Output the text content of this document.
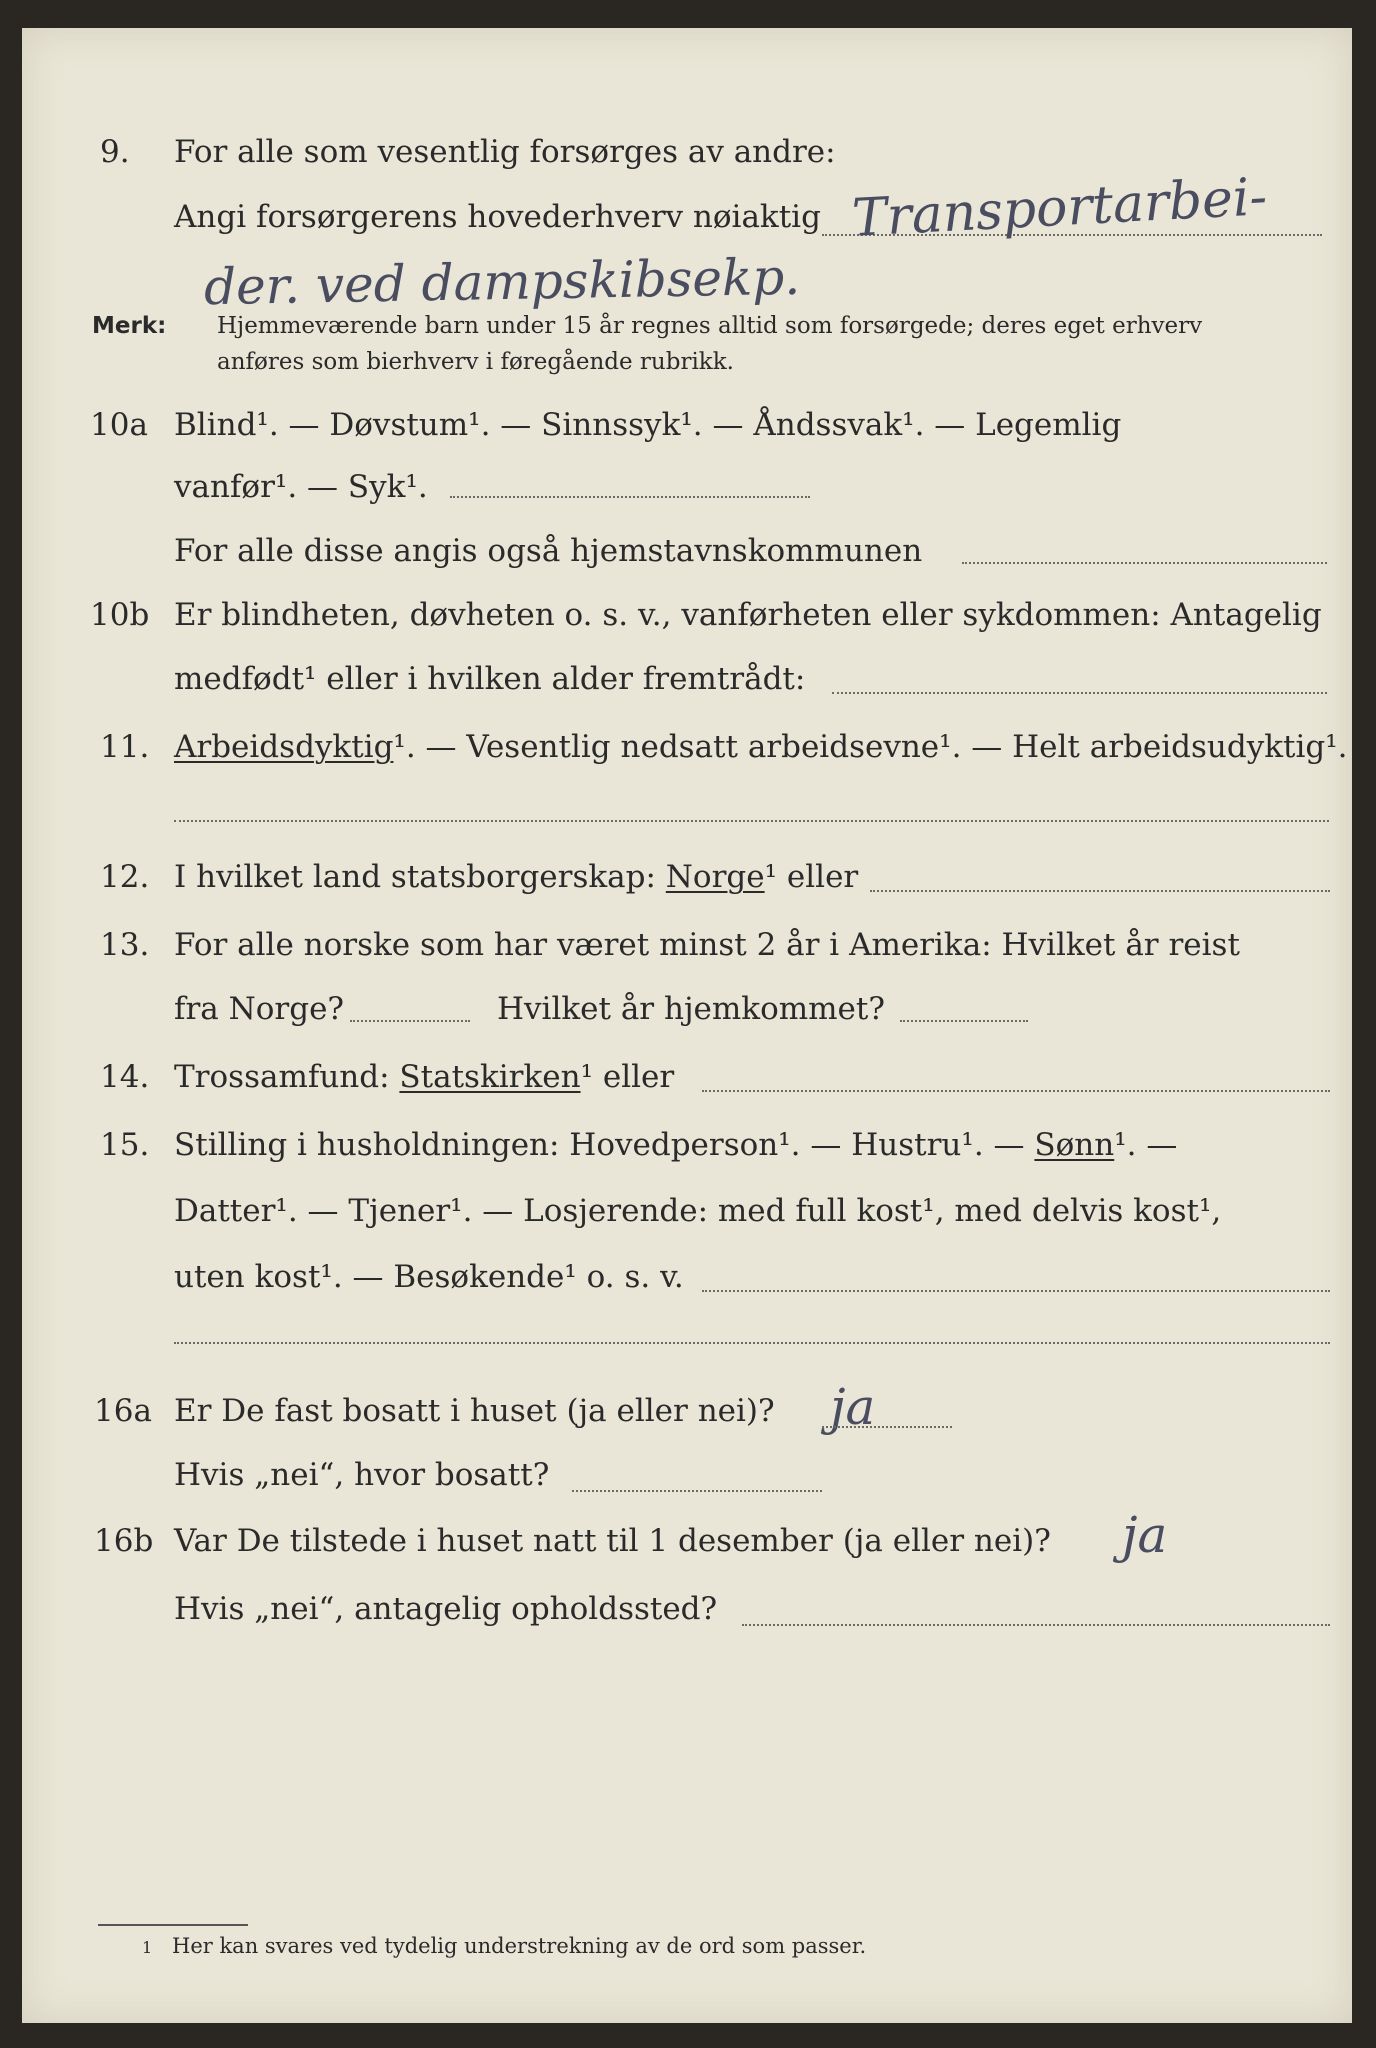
9. For alle som vesentlig forsørges av andre:
Angi forsørgerens hovederhverv nøiaktig Transportarbei-
der. ved dampskibsekp.
Merk: Hjemmeværende barn under 15 år regnes alltid som forsørgede; deres eget erhverv
anføres som bierhverv i føregående rubrikk.
10a Blind¹. — Døvstum¹. — Sinnssyk¹. — Åndssvak¹. — Legemlig
vanfør¹. — Syk¹.
For alle disse angis også hjemstavnskommunen
10b Er blindheten, døvheten o. s. v., vanførheten eller sykdommen: Antagelig
medfødt¹ eller i hvilken alder fremtrådt:
11. Arbeidsdyktig¹. — Vesentlig nedsatt arbeidsevne¹. — Helt arbeidsudyktig¹.
12. I hvilket land statsborgerskap: Norge¹ eller
13. For alle norske som har været minst 2 år i Amerika: Hvilket år reist
fra Norge?	Hvilket år hjemkommet?
14. Trossamfund: Statskirken¹ eller
15. Stilling i husholdningen: Hovedperson¹. — Hustru¹. — Sønn¹. —
Datter¹. — Tjener¹. — Losjerende: med full kost¹, med delvis kost¹,
uten kost¹. — Besøkende¹ o. s. v.
16a Er De fast bosatt i huset (ja eller nei)? ja
Hvis „nei“, hvor bosatt?
16b Var De tilstede i huset natt til 1 desember (ja eller nei)? ja
Hvis „nei“, antagelig opholdssted?
1 Her kan svares ved tydelig understrekning av de ord som passer.
